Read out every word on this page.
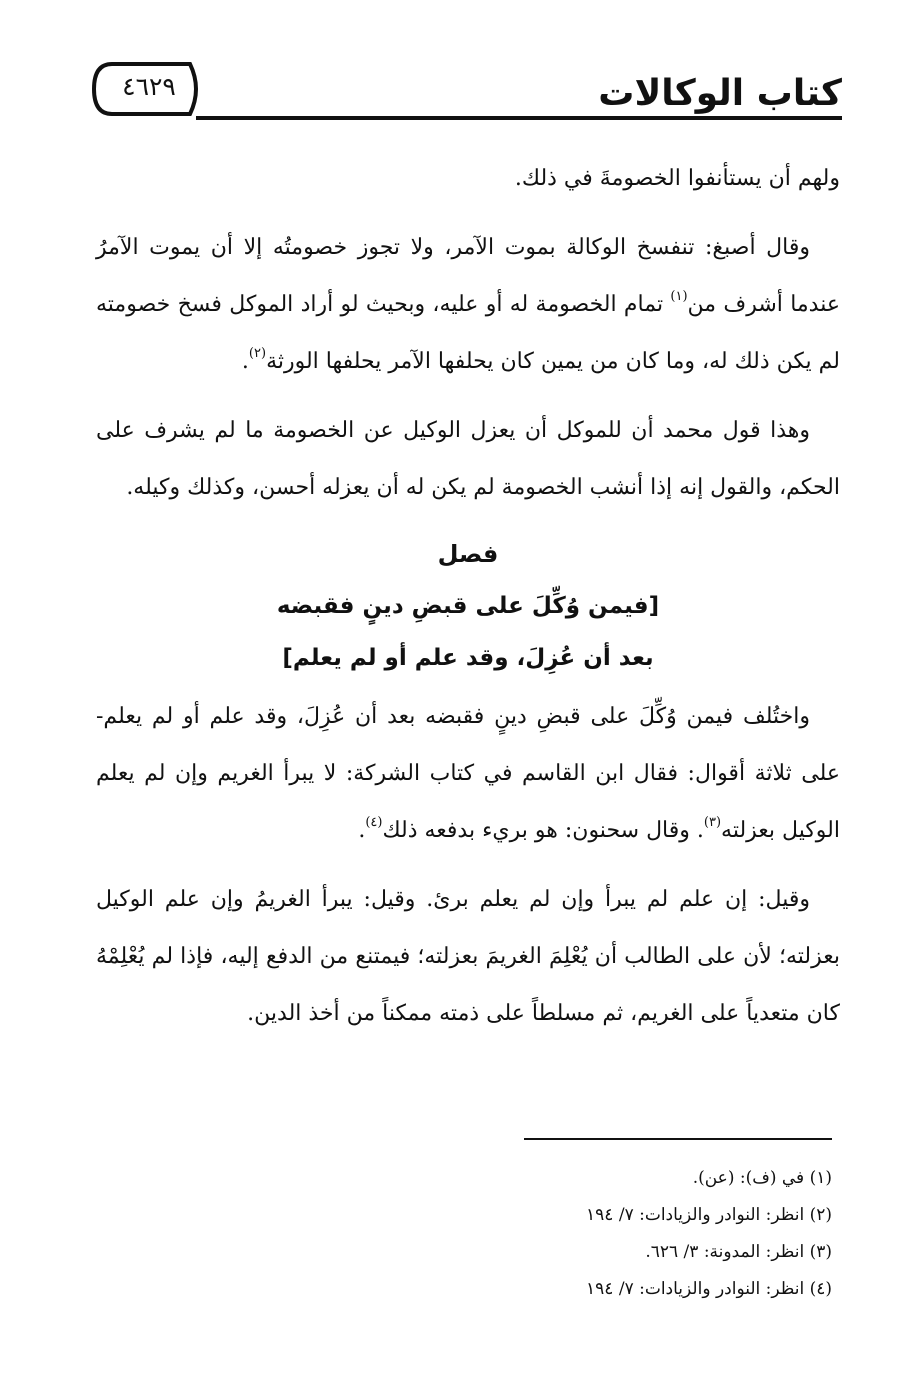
كتاب الوكالات
٤٦٢٩

ولهم أن يستأنفوا الخصومةَ في ذلك.

وقال أصبغ: تنفسخ الوكالة بموت الآمر، ولا تجوز خصومتُه إلا أن يموت الآمرُ عندما أشرف من$^{(١)}$ تمام الخصومة له أو عليه، وبحيث لو أراد الموكل فسخ خصومته لم يكن ذلك له، وما كان من يمين كان يحلفها الآمر يحلفها الورثة$^{(٢)}$.

وهذا قول محمد أن للموكل أن يعزل الوكيل عن الخصومة ما لم يشرف على الحكم، والقول إنه إذا أنشب الخصومة لم يكن له أن يعزله أحسن، وكذلك وكيله.

فصل
[فيمن وُكِّلَ على قبضِ دينٍ فقبضه
بعد أن عُزِلَ، وقد علم أو لم يعلم]

واختُلف فيمن وُكِّلَ على قبضِ دينٍ فقبضه بعد أن عُزِلَ، وقد علم أو لم يعلم- على ثلاثة أقوال: فقال ابن القاسم في كتاب الشركة: لا يبرأ الغريم وإن لم يعلم الوكيل بعزلته$^{(٣)}$. وقال سحنون: هو بريء بدفعه ذلك$^{(٤)}$.

وقيل: إن علم لم يبرأ وإن لم يعلم برئ. وقيل: يبرأ الغريمُ وإن علم الوكيل بعزلته؛ لأن على الطالب أن يُعْلِمَ الغريمَ بعزلته؛ فيمتنع من الدفع إليه، فإذا لم يُعْلِمْهُ كان متعدياً على الغريم، ثم مسلطاً على ذمته ممكناً من أخذ الدين.

(١) في (ف): (عن).

(٢) انظر: النوادر والزيادات: ٧/ ١٩٤

(٣) انظر: المدونة: ٣/ ٦٢٦.

(٤) انظر: النوادر والزيادات: ٧/ ١٩٤
